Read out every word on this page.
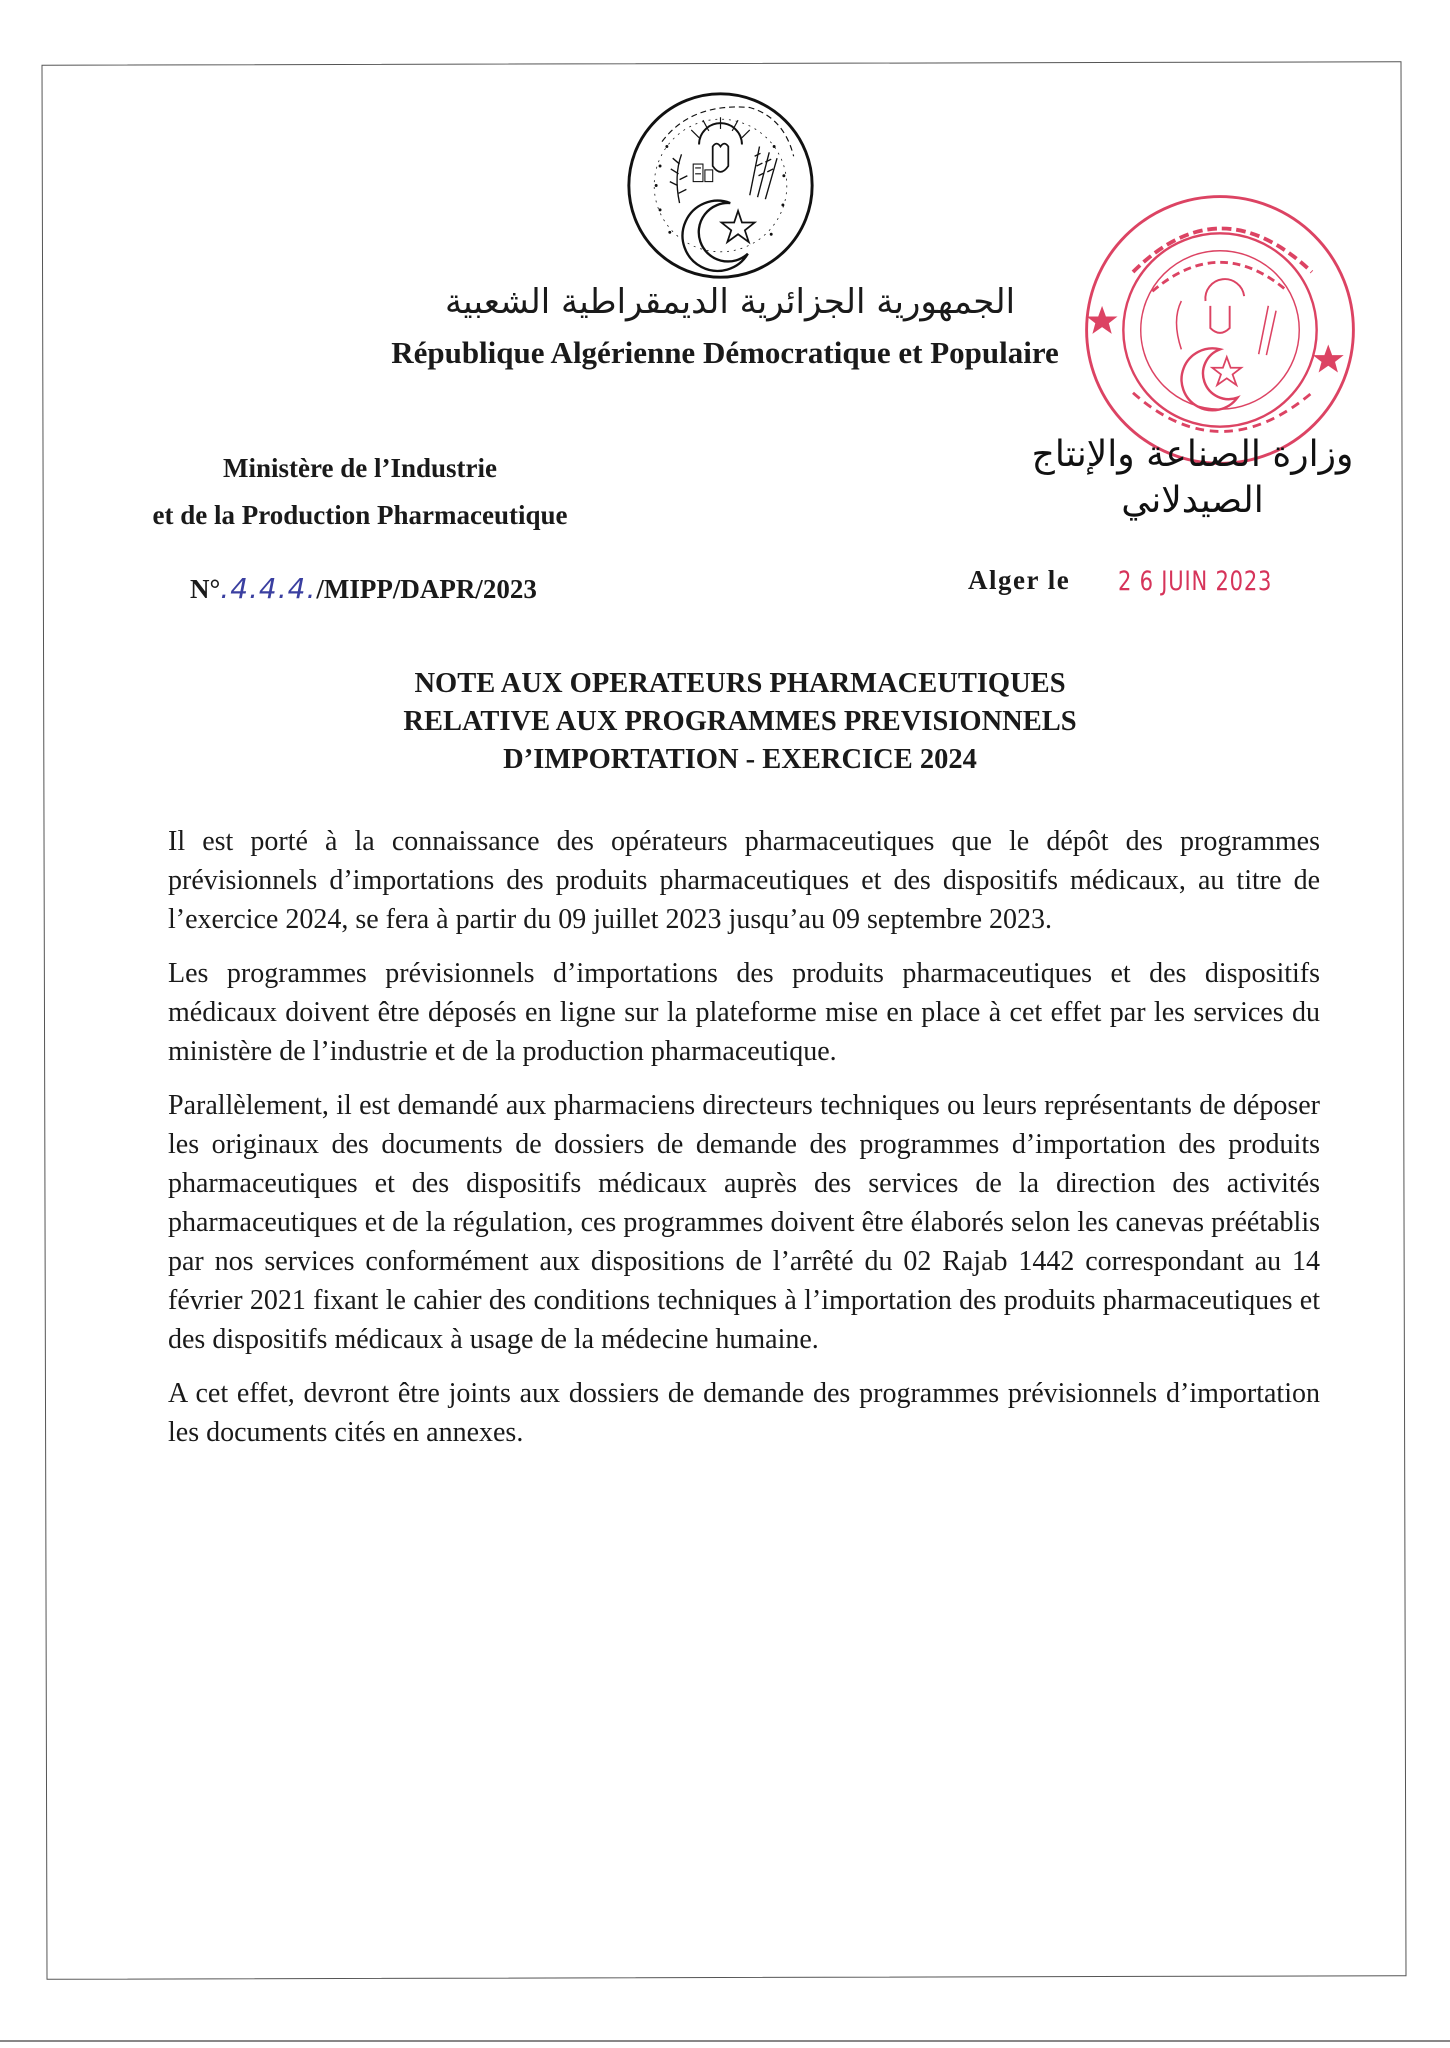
الجمهورية الجزائرية الديمقراطية الشعبية
République Algérienne Démocratique et Populaire
Ministère de l’Industrie
et de la Production Pharmaceutique
وزارة الصناعة والإنتاج
الصيدلاني
N°.4.4.4./MIPP/DAPR/2023	Alger le 2 6 JUIN 2023
NOTE AUX OPERATEURS PHARMACEUTIQUES
RELATIVE AUX PROGRAMMES PREVISIONNELS
D’IMPORTATION - EXERCICE 2024

Il est porté à la connaissance des opérateurs pharmaceutiques que le dépôt des programmes prévisionnels d’importations des produits pharmaceutiques et des dispositifs médicaux, au titre de l’exercice 2024, se fera à partir du 09 juillet 2023 jusqu’au 09 septembre 2023.

Les programmes prévisionnels d’importations des produits pharmaceutiques et des dispositifs médicaux doivent être déposés en ligne sur la plateforme mise en place à cet effet par les services du ministère de l’industrie et de la production pharmaceutique.

Parallèlement, il est demandé aux pharmaciens directeurs techniques ou leurs représentants de déposer les originaux des documents de dossiers de demande des programmes d’importation des produits pharmaceutiques et des dispositifs médicaux auprès des services de la direction des activités pharmaceutiques et de la régulation, ces programmes doivent être élaborés selon les canevas préétablis par nos services conformément aux dispositions de l’arrêté du 02 Rajab 1442 correspondant au 14 février 2021 fixant le cahier des conditions techniques à l’importation des produits pharmaceutiques et des dispositifs médicaux à usage de la médecine humaine.

A cet effet, devront être joints aux dossiers de demande des programmes prévisionnels d’importation les documents cités en annexes.
